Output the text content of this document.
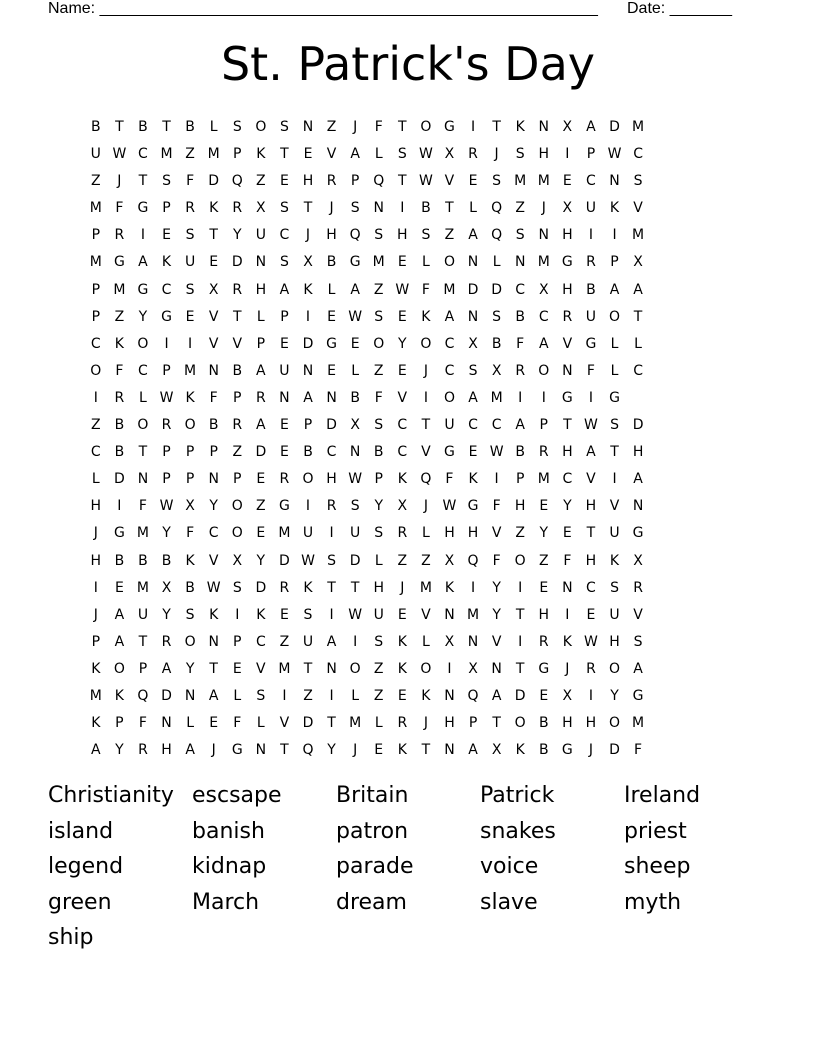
Name: ________________________________________________________ Date: _______
St. Patrick's Day
B	T	B	T	B	L	S O S N Z	J	F	T O G	I	T	K N X	A D M
U W C M Z M P	K	T	E	V	A	L	S W X R	J	S H	I	P W C
Z	J	T	S	F	D Q Z	E H R	P Q T W V	E	S M M E	C N S
M F	G P	R	K	R X	S	T	J	S N	I	B	T	L	Q Z	J	X U K	V
P	R	I	E	S	T	Y	U C	J	H Q S H S	Z	A Q S N H	I	I	M
M G A	K U	E D N S	X B G M E	L	O N	L	N M G R	P	X
P M G C	S	X R H A	K	L	A Z W F M D D C X H B A	A
P	Z	Y G E	V	T	L	P	I	E W S	E	K	A N S	B C R U O T
C	K O	I	I	V	V	P	E D G E O Y O C X B	F	A	V G	L	L
O	F	C	P M N B A U N E	L	Z	E	J	C	S	X R O N	F	L	C
I	R	L W K	F	P	R N A N B	F	V	I	O A M	I	I	G	I	G
Z B O R O B R A	E	P D X	S	C	T	U C C A	P	T W S D
C B	T	P	P	P	Z D E	B C N B C V G E W B R H A	T	H
L	D N	P	P	N	P	E	R O H W P	K Q	F	K	I	P M C V	I	A
H	I	F W X	Y O Z G	I	R	S	Y	X	J	W G	F	H E	Y	H V N
J	G M Y	F	C O E M U	I	U	S	R	L	H H V Z	Y	E	T	U G
H B B B	K	V X	Y D W S D	L	Z Z X Q	F	O Z	F	H K	X
I	E M X B W S D R	K	T	T	H	J	M K	I	Y	I	E N C	S	R
J	A U	Y	S	K	I	K	E	S	I	W U	E	V N M Y	T	H	I	E	U V
P	A	T	R O N	P	C Z U A	I	S	K	L	X N V	I	R	K W H S
K O P	A	Y	T	E	V M T	N O Z	K O	I	X N	T G	J	R O A
M K Q D N A	L	S	I	Z	I	L	Z	E	K N Q A D E	X	I	Y G
K	P	F	N	L	E	F	L	V D T M L	R	J	H	P	T O B H H O M
A	Y	R H A	J	G N	T Q Y	J	E	K	T	N A X	K	B G	J	D	F
Christianity escsape	Britain	Patrick	Ireland
island	banish	patron	snakes	priest
legend	kidnap	parade	voice	sheep
green	March	dream	slave	myth
ship
